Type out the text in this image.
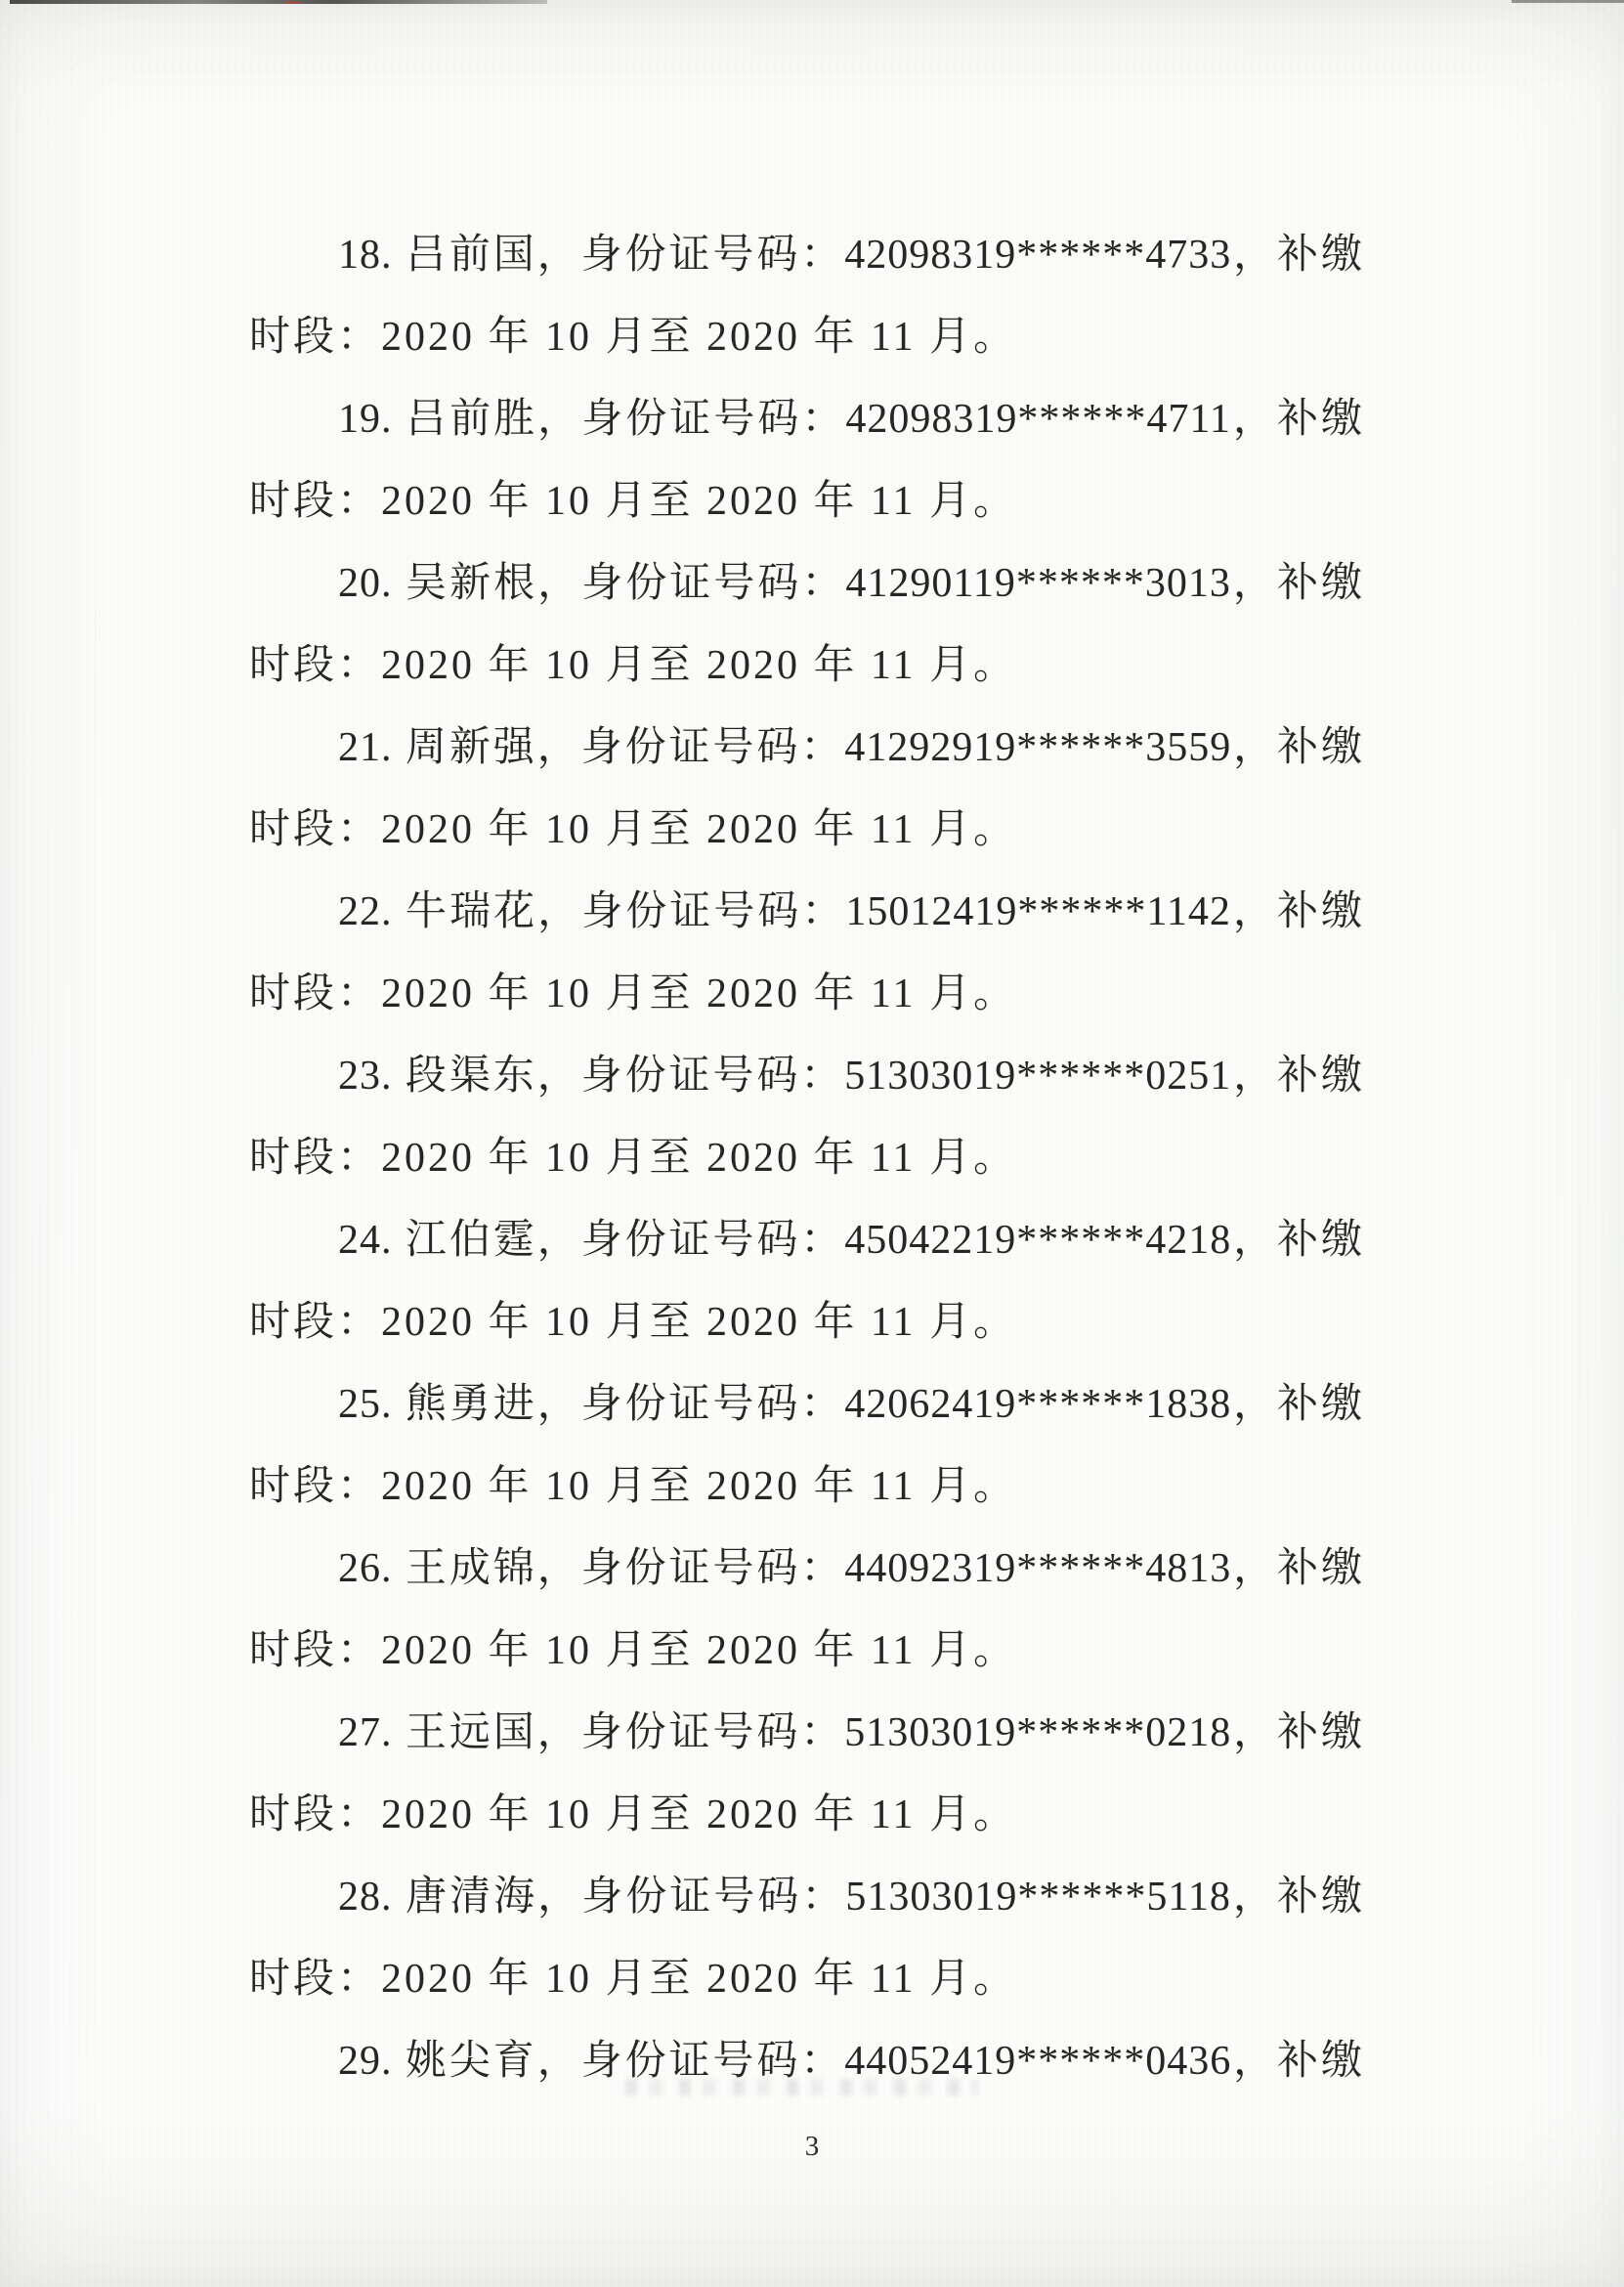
18. 吕前国，身份证号码：42098319******4733，补缴

时段：2020 年 10 月至 2020 年 11 月。

19. 吕前胜，身份证号码：42098319******4711，补缴

时段：2020 年 10 月至 2020 年 11 月。

20. 吴新根，身份证号码：41290119******3013，补缴

时段：2020 年 10 月至 2020 年 11 月。

21. 周新强，身份证号码：41292919******3559，补缴

时段：2020 年 10 月至 2020 年 11 月。

22. 牛瑞花，身份证号码：15012419******1142，补缴

时段：2020 年 10 月至 2020 年 11 月。

23. 段渠东，身份证号码：51303019******0251，补缴

时段：2020 年 10 月至 2020 年 11 月。

24. 江伯霆，身份证号码：45042219******4218，补缴

时段：2020 年 10 月至 2020 年 11 月。

25. 熊勇进，身份证号码：42062419******1838，补缴

时段：2020 年 10 月至 2020 年 11 月。

26. 王成锦，身份证号码：44092319******4813，补缴

时段：2020 年 10 月至 2020 年 11 月。

27. 王远国，身份证号码：51303019******0218，补缴

时段：2020 年 10 月至 2020 年 11 月。

28. 唐清海，身份证号码：51303019******5118，补缴

时段：2020 年 10 月至 2020 年 11 月。

29. 姚尖育，身份证号码：44052419******0436，补缴

3
